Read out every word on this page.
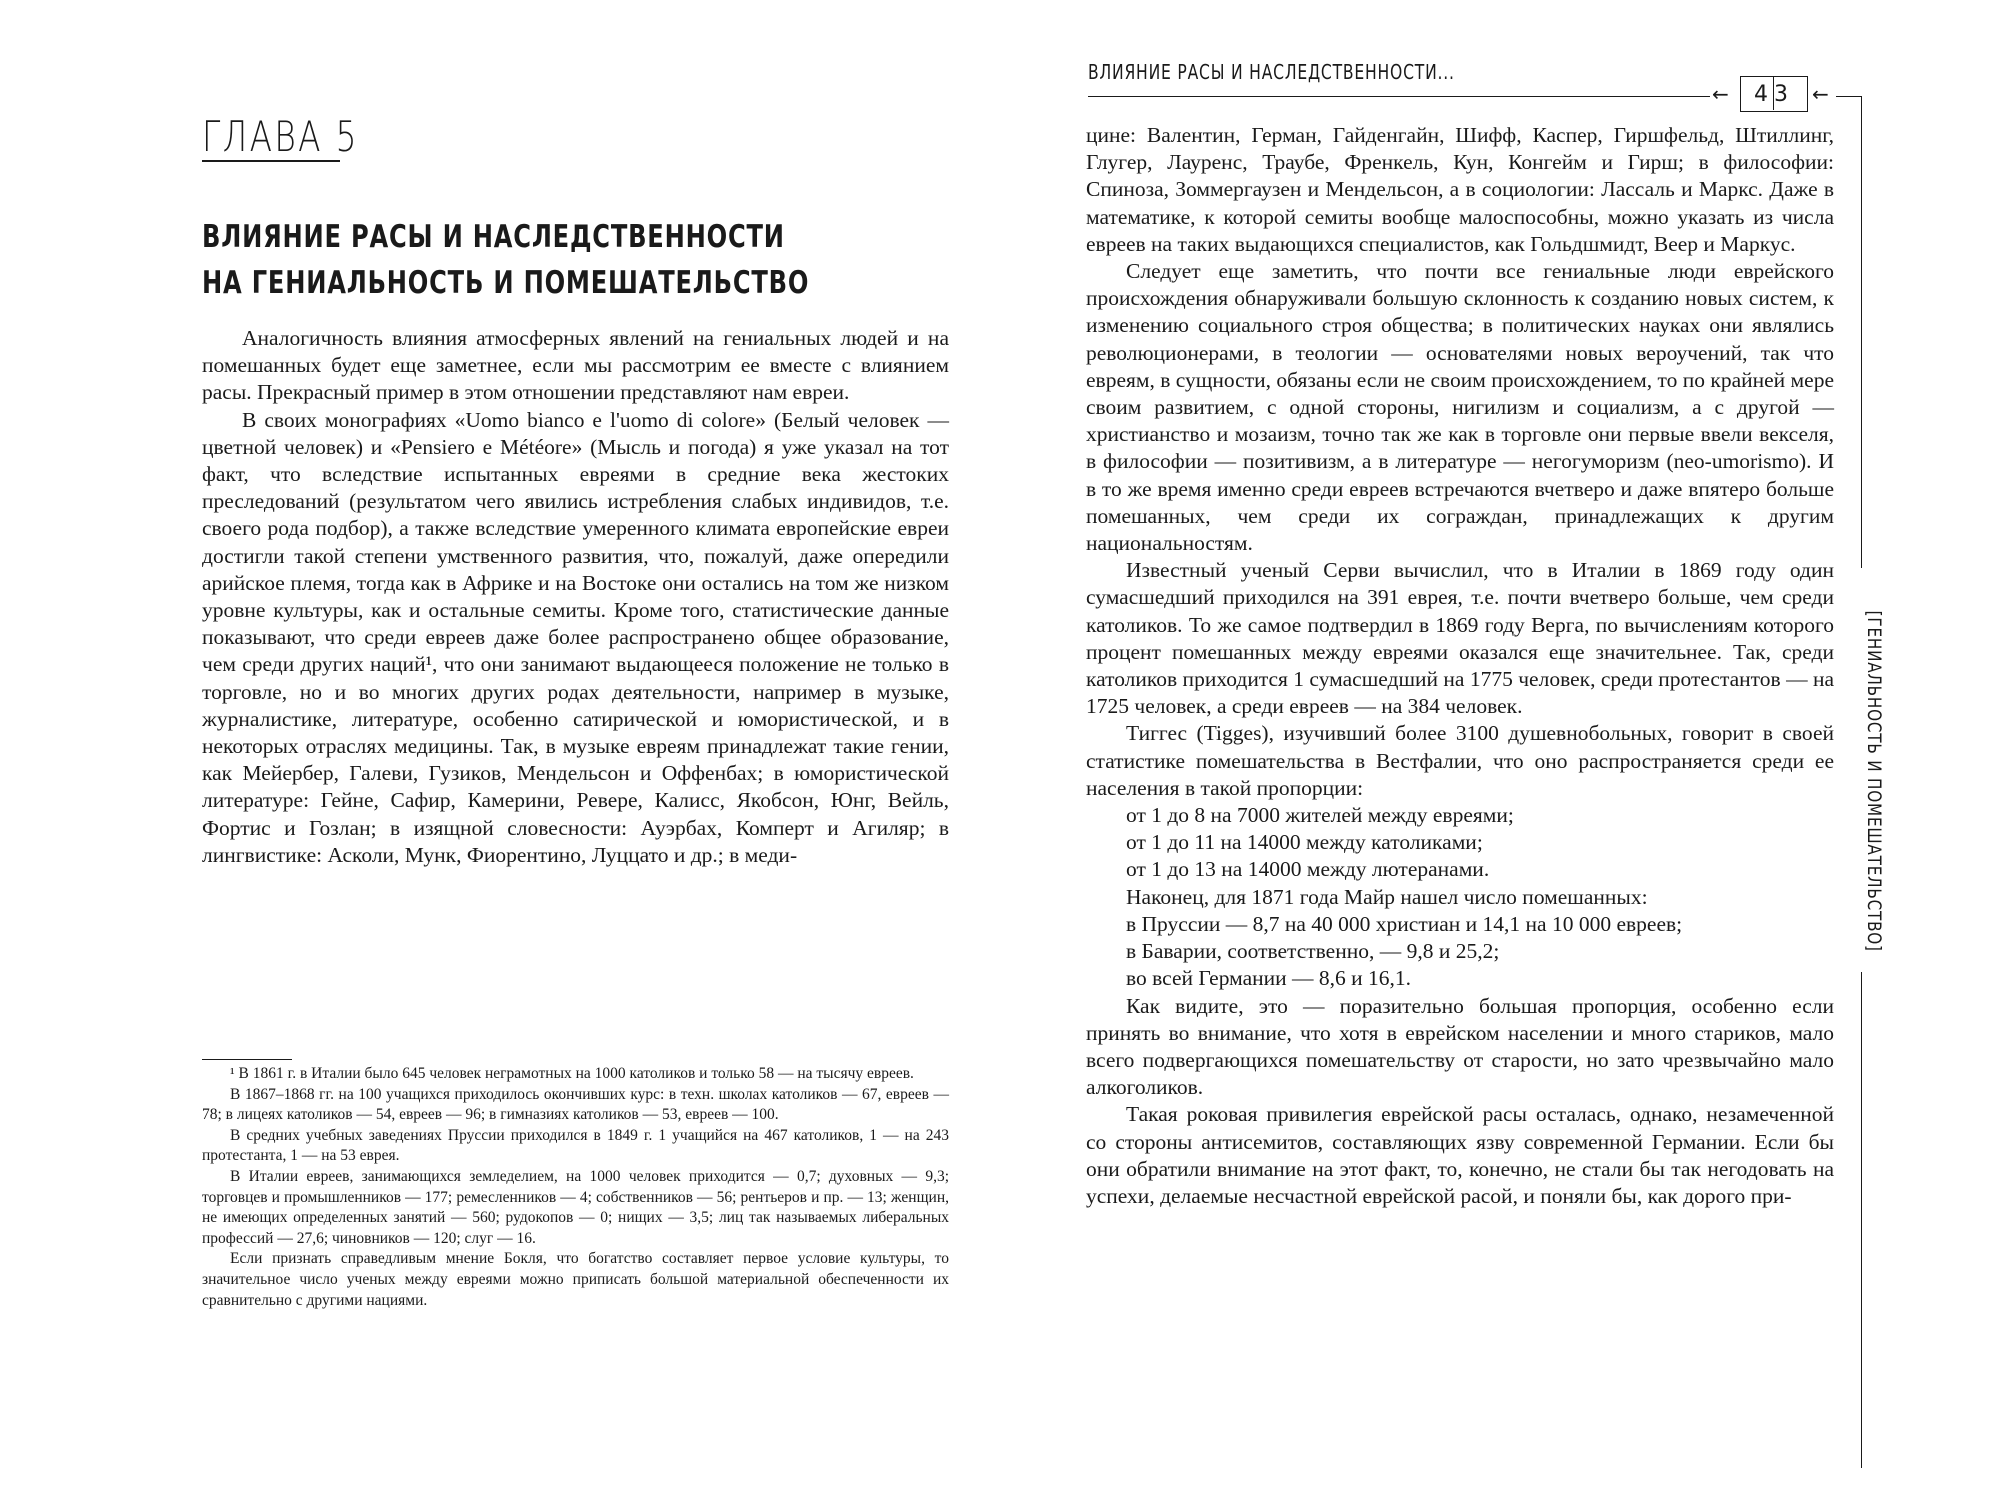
ГЛАВА 5
ВЛИЯНИЕ РАСЫ И НАСЛЕДСТВЕННОСТИ
НА ГЕНИАЛЬНОСТЬ И ПОМЕШАТЕЛЬСТВО

Аналогичность влияния атмосферных явлений на гениальных людей и на помешанных будет еще заметнее, если мы рассмотрим ее вместе с влиянием расы. Прекрасный пример в этом отношении представляют нам евреи.

В своих монографиях «Uomo bianco e l'uomo di colore» (Белый человек — цветной человек) и «Pensiero e Météore» (Мысль и погода) я уже указал на тот факт, что вследствие испытанных евреями в средние века жестоких преследований (результатом чего явились истребления слабых индивидов, т.е. своего рода подбор), а также вследствие умеренного климата европейские евреи достигли такой степени умственного развития, что, пожалуй, даже опередили арийское племя, тогда как в Африке и на Востоке они остались на том же низком уровне культуры, как и остальные семиты. Кроме того, статистические данные показывают, что среди евреев даже более распространено общее образование, чем среди других наций¹, что они занимают выдающееся положение не только в торговле, но и во многих других родах деятельности, например в музыке, журналистике, литературе, особенно сатирической и юмористической, и в некоторых отраслях медицины. Так, в музыке евреям принадлежат такие гении, как Мейербер, Галеви, Гузиков, Мендельсон и Оффенбах; в юмористической литературе: Гейне, Сафир, Камерини, Ревере, Калисс, Якобсон, Юнг, Вейль, Фортис и Гозлан; в изящной словесности: Ауэрбах, Комперт и Агиляр; в лингвистике: Асколи, Мунк, Фиорентино, Луццато и др.; в меди-

¹ В 1861 г. в Италии было 645 человек неграмотных на 1000 католиков и только 58 — на тысячу евреев.

В 1867–1868 гг. на 100 учащихся приходилось окончивших курс: в техн. школах католиков — 67, евреев — 78; в лицеях католиков — 54, евреев — 96; в гимназиях католиков — 53, евреев — 100.

В средних учебных заведениях Пруссии приходился в 1849 г. 1 учащийся на 467 католиков, 1 — на 243 протестанта, 1 — на 53 еврея.

В Италии евреев, занимающихся земледелием, на 1000 человек приходится — 0,7; духовных — 9,3; торговцев и промышленников — 177; ремесленников — 4; собственников — 56; рентьеров и пр. — 13; женщин, не имеющих определенных занятий — 560; рудокопов — 0; нищих — 3,5; лиц так называемых либеральных профессий — 27,6; чиновников — 120; слуг — 16.

Если признать справедливым мнение Бокля, что богатство составляет первое условие культуры, то значительное число ученых между евреями можно приписать большой материальной обеспеченности их сравнительно с другими нациями.

ВЛИЯНИЕ РАСЫ И НАСЛЕДСТВЕННОСТИ...
← 4 3 ←
[ГЕНИАЛЬНОСТЬ И ПОМЕШАТЕЛЬСТВО]

цине: Валентин, Герман, Гайденгайн, Шифф, Каспер, Гиршфельд, Штиллинг, Глугер, Лауренс, Траубе, Френкель, Кун, Конгейм и Гирш; в философии: Спиноза, Зоммергаузен и Мендельсон, а в социологии: Лассаль и Маркс. Даже в математике, к которой семиты вообще малоспособны, можно указать из числа евреев на таких выдающихся специалистов, как Гольдшмидт, Веер и Маркус.

Следует еще заметить, что почти все гениальные люди еврейского происхождения обнаруживали большую склонность к созданию новых систем, к изменению социального строя общества; в политических науках они являлись революционерами, в теологии — основателями новых вероучений, так что евреям, в сущности, обязаны если не своим происхождением, то по крайней мере своим развитием, с одной стороны, нигилизм и социализм, а с другой — христианство и мозаизм, точно так же как в торговле они первые ввели векселя, в философии — позитивизм, а в литературе — негогуморизм (neo-umorismo). И в то же время именно среди евреев встречаются вчетверо и даже впятеро больше помешанных, чем среди их сограждан, принадлежащих к другим национальностям.

Известный ученый Серви вычислил, что в Италии в 1869 году один сумасшедший приходился на 391 еврея, т.е. почти вчетверо больше, чем среди католиков. То же самое подтвердил в 1869 году Верга, по вычислениям которого процент помешанных между евреями оказался еще значительнее. Так, среди католиков приходится 1 сумасшедший на 1775 человек, среди протестантов — на 1725 человек, а среди евреев — на 384 человек.

Тиггес (Tigges), изучивший более 3100 душевнобольных, говорит в своей статистике помешательства в Вестфалии, что оно распространяется среди ее населения в такой пропорции:

от 1 до 8 на 7000 жителей между евреями;

от 1 до 11 на 14000 между католиками;

от 1 до 13 на 14000 между лютеранами.

Наконец, для 1871 года Майр нашел число помешанных:

в Пруссии — 8,7 на 40 000 христиан и 14,1 на 10 000 евреев;

в Баварии, соответственно, — 9,8 и 25,2;

во всей Германии — 8,6 и 16,1.

Как видите, это — поразительно большая пропорция, особенно если принять во внимание, что хотя в еврейском населении и много стариков, мало всего подвергающихся помешательству от старости, но зато чрезвычайно мало алкоголиков.

Такая роковая привилегия еврейской расы осталась, однако, незамеченной со стороны антисемитов, составляющих язву современной Германии. Если бы они обратили внимание на этот факт, то, конечно, не стали бы так негодовать на успехи, делаемые несчастной еврейской расой, и поняли бы, как дорого при-
